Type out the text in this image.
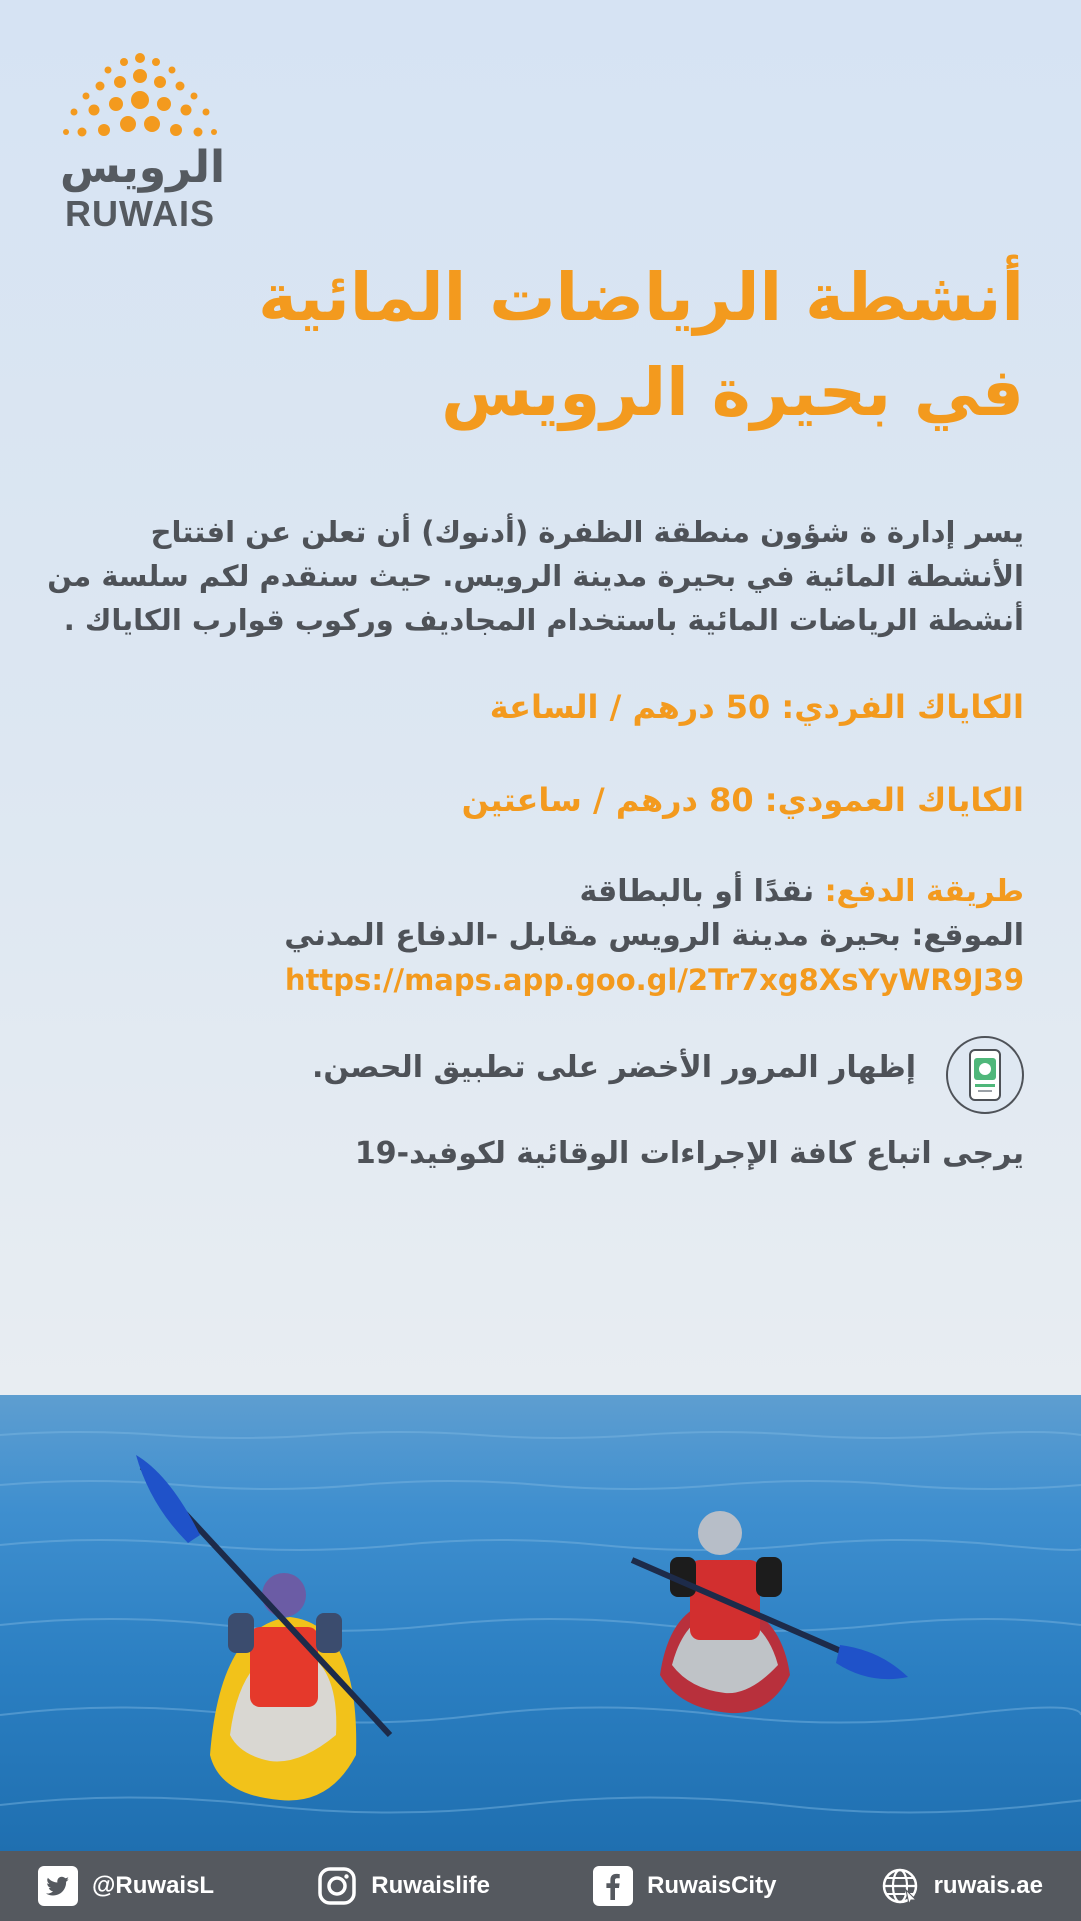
الرويس
RUWAIS
أنشطة الرياضات المائية
في بحيرة الرويس
يسر إدارة ة شؤون منطقة الظفرة (أدنوك) أن تعلن عن افتتاح الأنشطة المائية في بحيرة مدينة الرويس. حيث سنقدم لكم سلسة من أنشطة الرياضات المائية باستخدام المجاديف وركوب قوارب الكاياك .
الكاياك الفردي: 50 درهم / الساعة
الكاياك العمودي: 80 درهم / ساعتين
طريقة الدفع: نقدًا أو بالبطاقة
الموقع: بحيرة مدينة الرويس مقابل -الدفاع المدني
https://maps.app.goo.gl/2Tr7xg8XsYyWR9J39
إظهار المرور الأخضر على تطبيق الحصن.
يرجى اتباع كافة الإجراءات الوقائية لكوفيد-19
@RuwaisL	Ruwaislife	RuwaisCity	ruwais.ae
